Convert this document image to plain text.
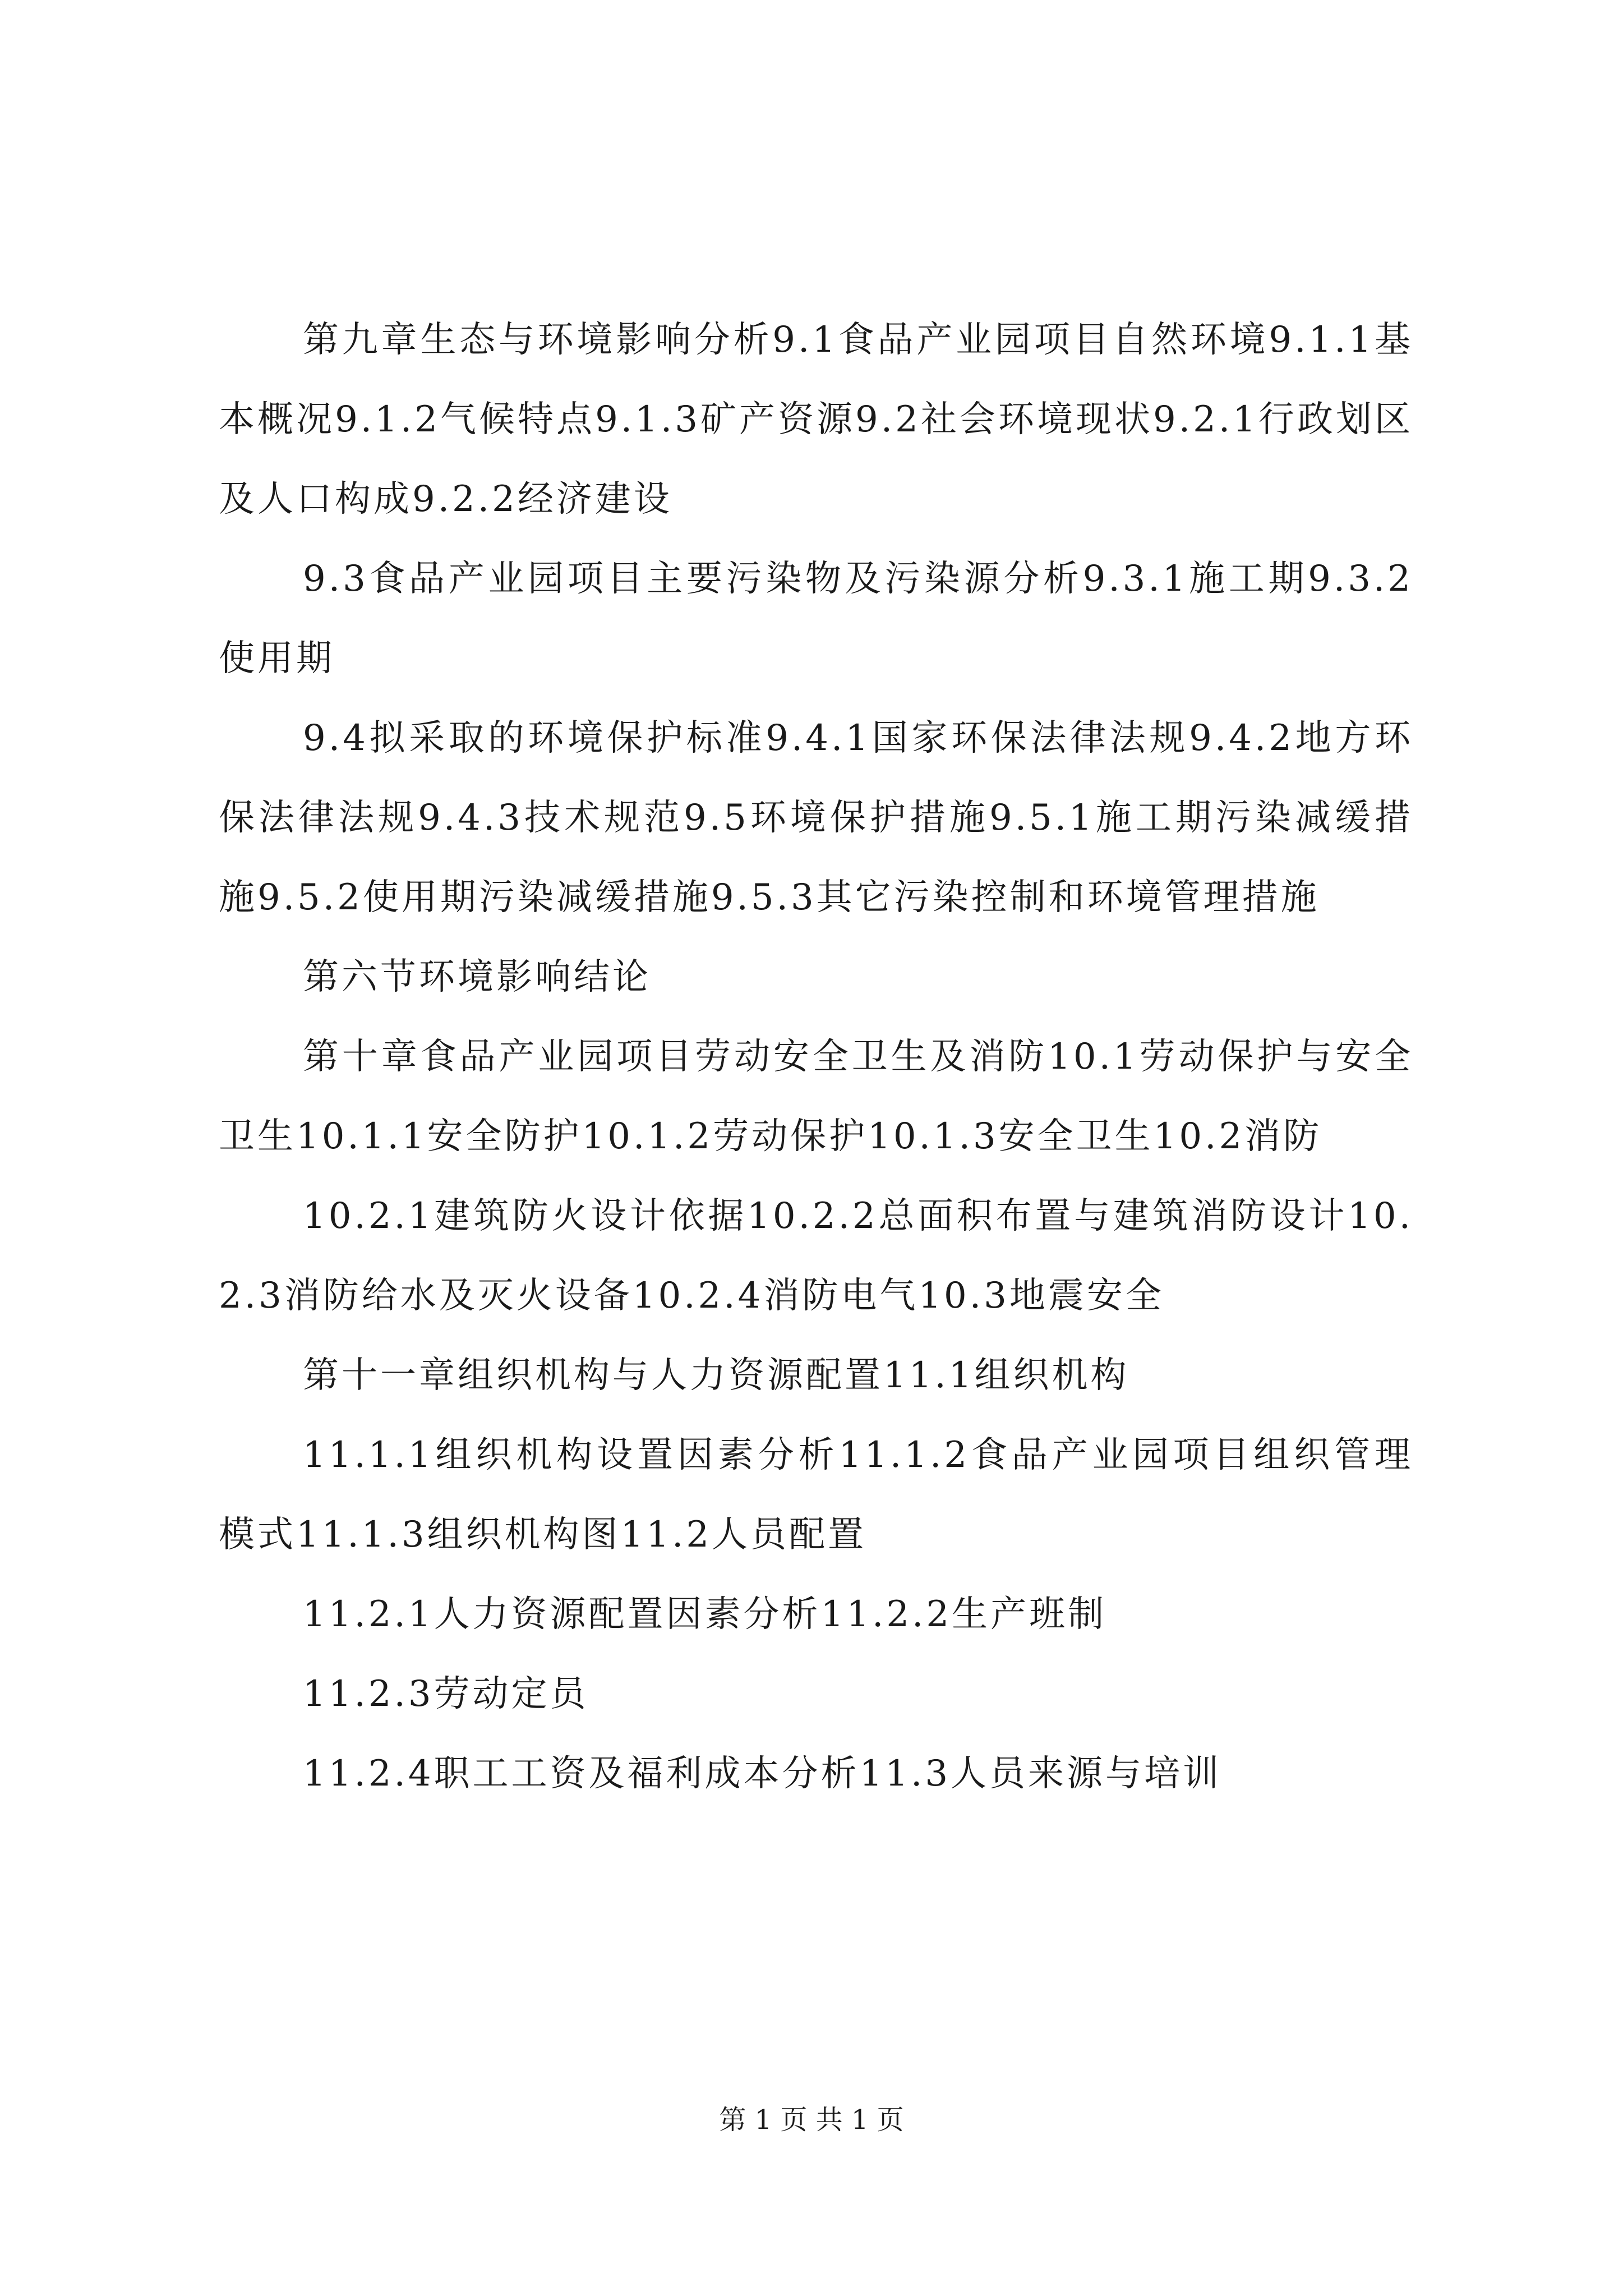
第九章生态与环境影响分析9.1食品产业园项目自然环境9.1.1基本概况9.1.2气候特点9.1.3矿产资源9.2社会环境现状9.2.1行政划区及人口构成9.2.2经济建设

9.3食品产业园项目主要污染物及污染源分析9.3.1施工期9.3.2使用期

9.4拟采取的环境保护标准9.4.1国家环保法律法规9.4.2地方环保法律法规9.4.3技术规范9.5环境保护措施9.5.1施工期污染减缓措施9.5.2使用期污染减缓措施9.5.3其它污染控制和环境管理措施

第六节环境影响结论

第十章食品产业园项目劳动安全卫生及消防10.1劳动保护与安全卫生10.1.1安全防护10.1.2劳动保护10.1.3安全卫生10.2消防

10.2.1建筑防火设计依据10.2.2总面积布置与建筑消防设计10.2.3消防给水及灭火设备10.2.4消防电气10.3地震安全

第十一章组织机构与人力资源配置11.1组织机构

11.1.1组织机构设置因素分析11.1.2食品产业园项目组织管理模式11.1.3组织机构图11.2人员配置

11.2.1人力资源配置因素分析11.2.2生产班制

11.2.3劳动定员

11.2.4职工工资及福利成本分析11.3人员来源与培训

第 1 页 共 1 页
